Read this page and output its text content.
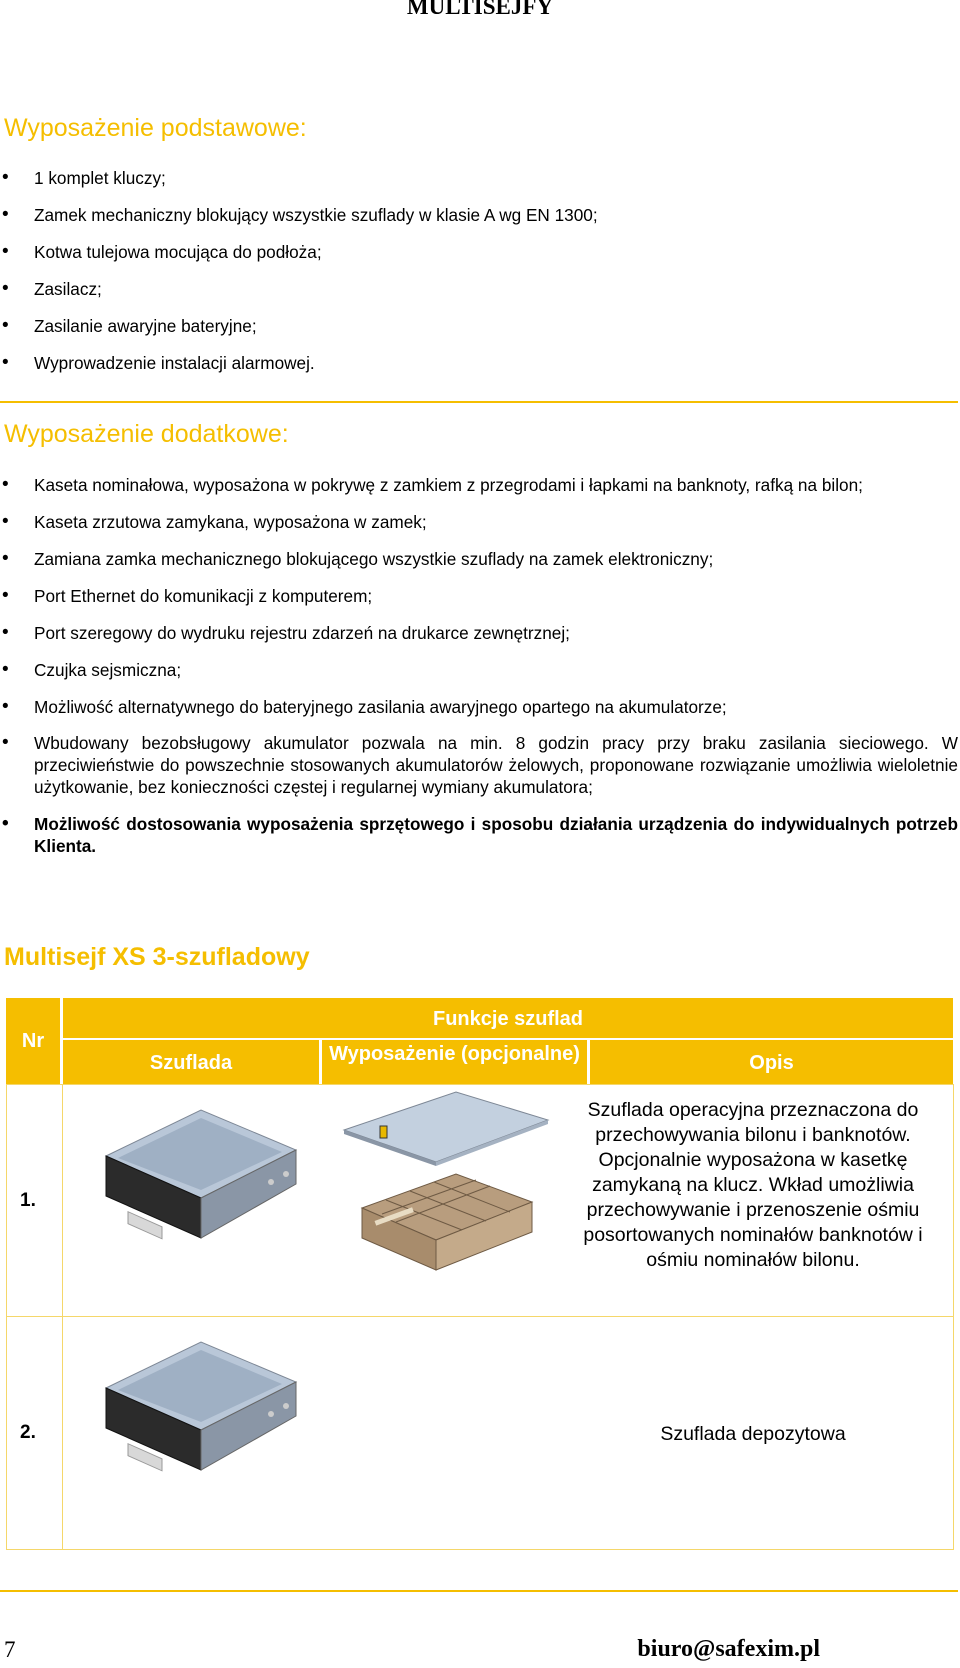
MULTISEJFY
Wyposażenie podstawowe:
• 1 komplet kluczy;
• Zamek mechaniczny blokujący wszystkie szuflady w klasie A wg EN 1300;
• Kotwa tulejowa mocująca do podłoża;
• Zasilacz;
• Zasilanie awaryjne bateryjne;
• Wyprowadzenie instalacji alarmowej.
Wyposażenie dodatkowe:
• Kaseta nominałowa, wyposażona w pokrywę z zamkiem z przegrodami i łapkami na banknoty, rafką na bilon;
• Kaseta zrzutowa zamykana, wyposażona w zamek;
• Zamiana zamka mechanicznego blokującego wszystkie szuflady na zamek elektroniczny;
• Port Ethernet do komunikacji z komputerem;
• Port szeregowy do wydruku rejestru zdarzeń na drukarce zewnętrznej;
• Czujka sejsmiczna;
• Możliwość alternatywnego do bateryjnego zasilania awaryjnego opartego na akumulatorze;
• Wbudowany bezobsługowy akumulator pozwala na min. 8 godzin pracy przy braku zasilania sieciowego. W przeciwieństwie do powszechnie stosowanych akumulatorów żelowych, proponowane rozwiązanie umożliwia wieloletnie użytkowanie, bez konieczności częstej i regularnej wymiany akumulatora;
• Możliwość dostosowania wyposażenia sprzętowego i sposobu działania urządzenia do indywidualnych potrzeb Klienta.
Multisejf XS 3-szufladowy
Nr
Funkcje szuflad
Szuflada	Wyposażenie (opcjonalne)	Opis
1.
Szuflada operacyjna przeznaczona do przechowywania bilonu i banknotów. Opcjonalnie wyposażona w kasetkę zamykaną na klucz. Wkład umożliwia przechowywanie i przenoszenie ośmiu posortowanych nominałów banknotów i ośmiu nominałów bilonu.
2.	Szuflada depozytowa
7	biuro@safexim.pl
